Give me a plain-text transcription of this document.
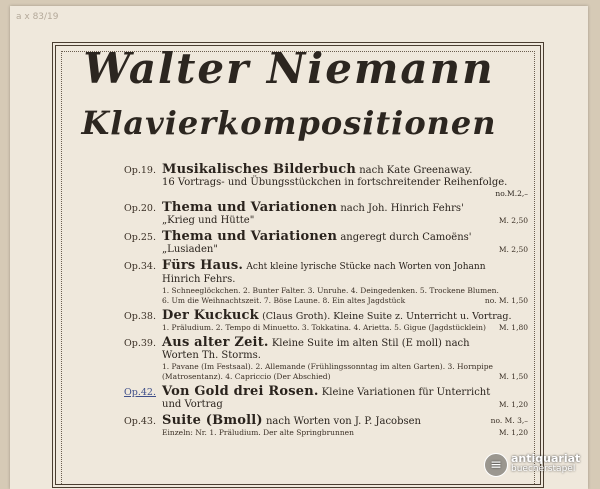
a x 83/19
Walter Niemann
Klavierkompositionen
Op.19. Musikalisches Bilderbuch nach Kate Greenaway.
16 Vortrags- und Übungsstückchen in fortschreitender Reihenfolge.
no.M.2,–
Op.20. Thema und Variationen nach Joh. Hinrich Fehrs'
„Krieg und Hütte"	M. 2,50
Op.25. Thema und Variationen angeregt durch Camoëns'
„Lusiaden"	M. 2,50
Op.34. Fürs Haus. Acht kleine lyrische Stücke nach Worten von Johann
Hinrich Fehrs.
1. Schneeglöckchen. 2. Bunter Falter. 3. Unruhe. 4. Deingedenken. 5. Trockene Blumen.
6. Um die Weihnachtszeit. 7. Böse Laune. 8. Ein altes Jagdstück	no. M. 1,50
Op.38. Der Kuckuck (Claus Groth). Kleine Suite z. Unterricht u. Vortrag.
1. Präludium. 2. Tempo di Minuetto. 3. Tokkatina. 4. Arietta. 5. Gigue (Jagdstücklein) M. 1,80
Op.39. Aus alter Zeit. Kleine Suite im alten Stil (E moll) nach
Worten Th. Storms.
1. Pavane (Im Festsaal). 2. Allemande (Frühlingssonntag im alten Garten). 3. Hornpipe
(Matrosentanz). 4. Capriccio (Der Abschied)	M. 1,50
Op.42. Von Gold drei Rosen. Kleine Variationen für Unterricht
und Vortrag	M. 1,20
Op.43. Suite (Bmoll) nach Worten von J. P. Jacobsen	no. M. 3,–
Einzeln: Nr. 1. Präludium. Der alte Springbrunnen	M. 1,20
≡ antiquariat
buecherstapel
